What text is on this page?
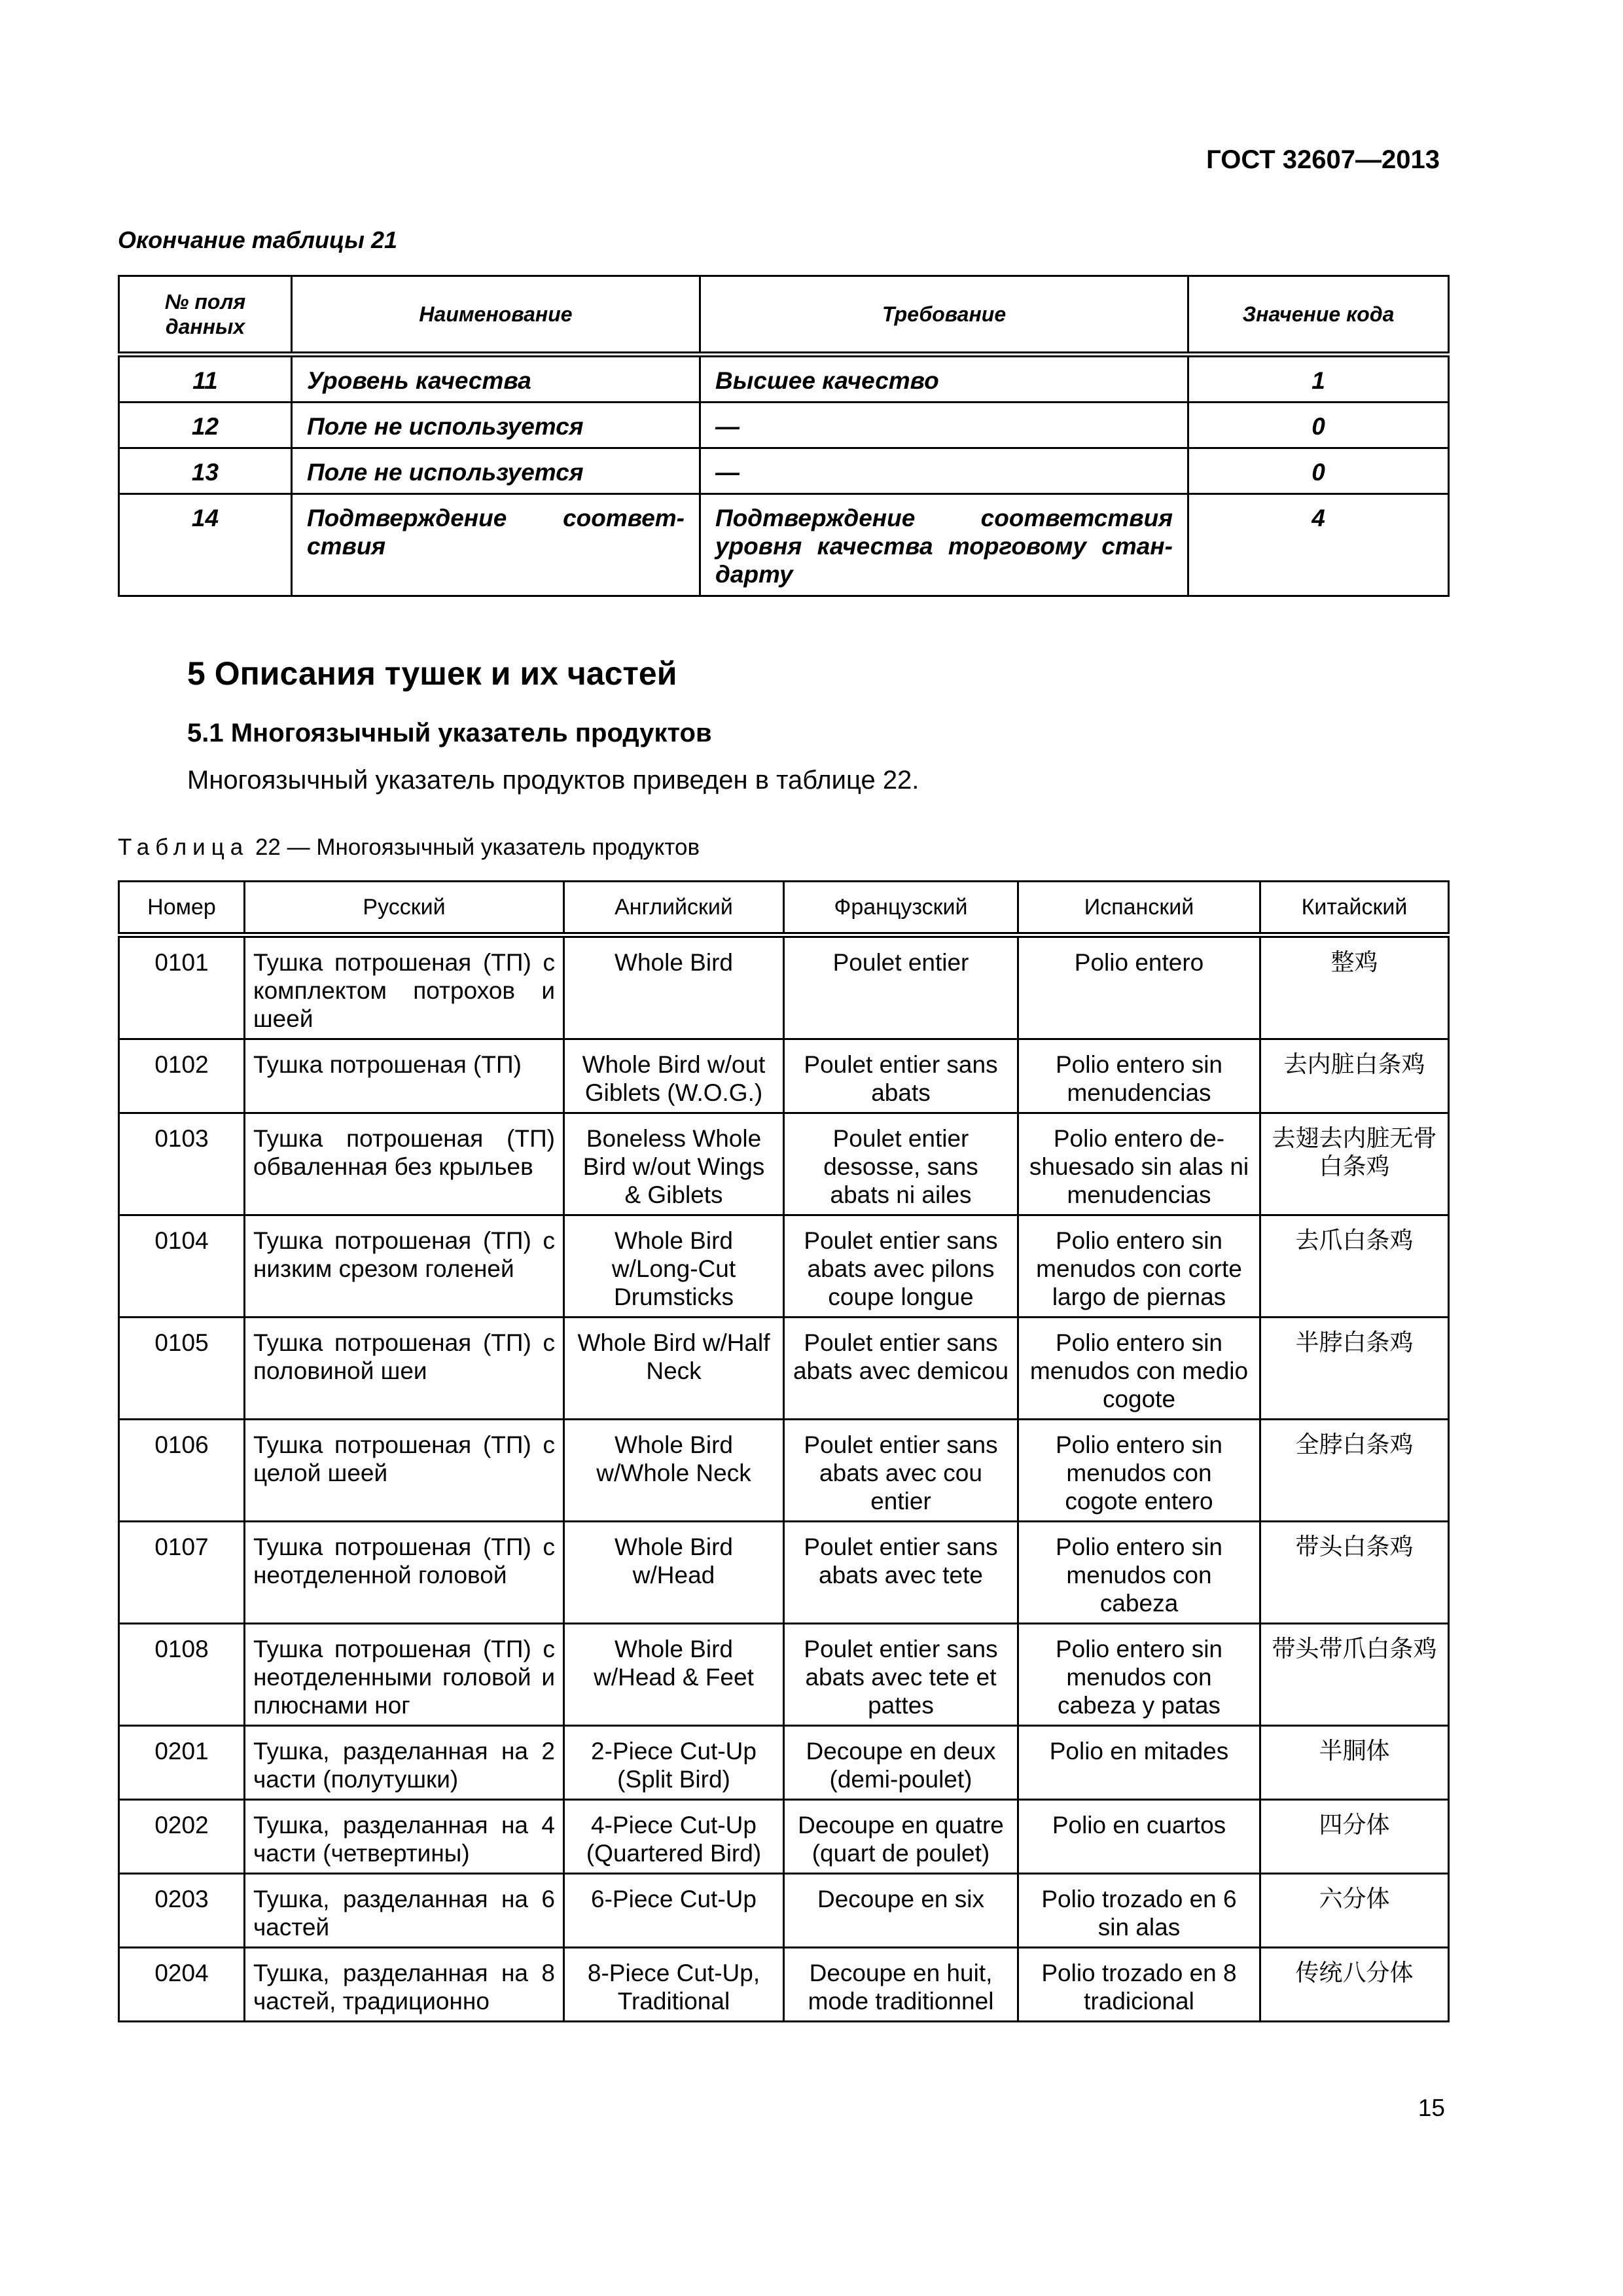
ГОСТ 32607—2013
Окончание таблицы 21
№ поля данных	Наименование	Требование	Значение кода
11	Уровень качества	Высшее качество	1
12	Поле не используется	—	0
13	Поле не используется	—	0
14	Подтверждение соответствия	Подтверждение соответствия уровня качества торговому стандарту	4
5 Описания тушек и их частей
5.1 Многоязычный указатель продуктов
Многоязычный указатель продуктов приведен в таблице 22.
Таблица 22 — Многоязычный указатель продуктов
Номер	Русский	Английский	Французский	Испанский	Китайский
0101	Тушка потрошеная (ТП) с комплектом потрохов и шеей	Whole Bird	Poulet entier	Polio entero	整鸡
0102	Тушка потрошеная (ТП)	Whole Bird w/out Giblets (W.O.G.)	Poulet entier sans abats	Polio entero sin menudencias	去内脏白条鸡
0103	Тушка потрошеная (ТП) обваленная без крыльев	Boneless Whole Bird w/out Wings & Giblets	Poulet entier desosse, sans abats ni ailes	Polio entero deshuesado sin alas ni menudencias	去翅去内脏无骨 白条鸡
0104	Тушка потрошеная (ТП) с низким срезом голеней	Whole Bird w/Long-Cut Drumsticks	Poulet entier sans abats avec pilons coupe longue	Polio entero sin menudos con corte largo de piernas	去爪白条鸡
0105	Тушка потрошеная (ТП) с половиной шеи	Whole Bird w/Half Neck	Poulet entier sans abats avec demicou	Polio entero sin menudos con medio cogote	半脖白条鸡
0106	Тушка потрошеная (ТП) с целой шеей	Whole Bird w/Whole Neck	Poulet entier sans abats avec cou entier	Polio entero sin menudos con cogote entero	全脖白条鸡
0107	Тушка потрошеная (ТП) с неотделенной головой	Whole Bird w/Head	Poulet entier sans abats avec tete	Polio entero sin menudos con cabeza	带头白条鸡
0108	Тушка потрошеная (ТП) с неотделенными головой и плюснами ног	Whole Bird w/Head & Feet	Poulet entier sans abats avec tete et pattes	Polio entero sin menudos con cabeza y patas	带头带爪白条鸡
0201	Тушка, разделанная на 2 части (полутушки)	2-Piece Cut-Up (Split Bird)	Decoupe en deux (demi-poulet)	Polio en mitades	半胴体
0202	Тушка, разделанная на 4 части (четвертины)	4-Piece Cut-Up (Quartered Bird)	Decoupe en quatre (quart de poulet)	Polio en cuartos	四分体
0203	Тушка, разделанная на 6 частей	6-Piece Cut-Up	Decoupe en six	Polio trozado en 6 sin alas	六分体
0204	Тушка, разделанная на 8 частей, традиционно	8-Piece Cut-Up, Traditional	Decoupe en huit, mode traditionnel	Polio trozado en 8 tradicional	传统八分体
15
